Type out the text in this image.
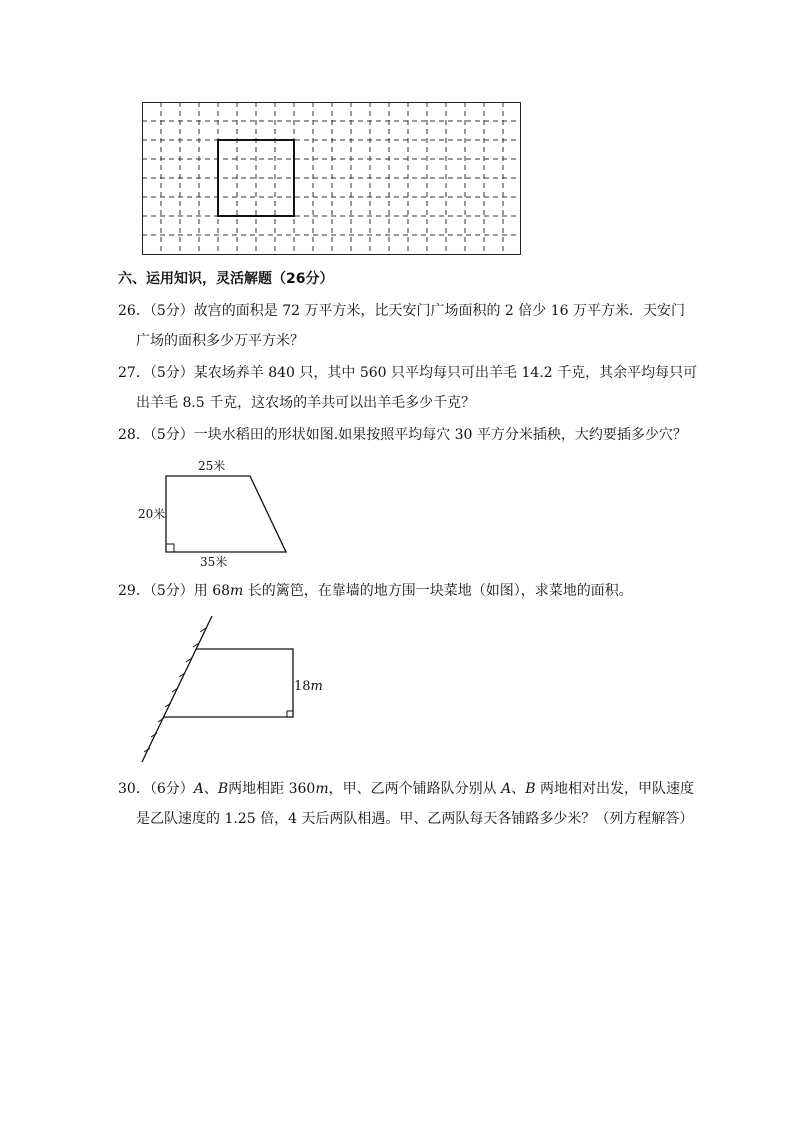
六、运用知识，灵活解题（26分）
26．（5分）故宫的面积是 72 万平方米，比天安门广场面积的 2 倍少 16 万平方米．天安门
广场的面积多少万平方米？
27．（5分）某农场养羊 840 只，其中 560 只平均每只可出羊毛 14.2 千克，其余平均每只可
出羊毛 8.5 千克，这农场的羊共可以出羊毛多少千克？
28．（5分）一块水稻田的形状如图.如果按照平均每穴 30 平方分米插秧，大约要插多少穴？
25米
20米
35米
29．（5分）用 68m 长的篱笆，在靠墙的地方围一块菜地（如图），求菜地的面积。
18m
30．（6分）A、B两地相距 360m，甲、乙两个铺路队分别从 A、B 两地相对出发，甲队速度
是乙队速度的 1.25 倍，4 天后两队相遇。甲、乙两队每天各铺路多少米？（列方程解答）
